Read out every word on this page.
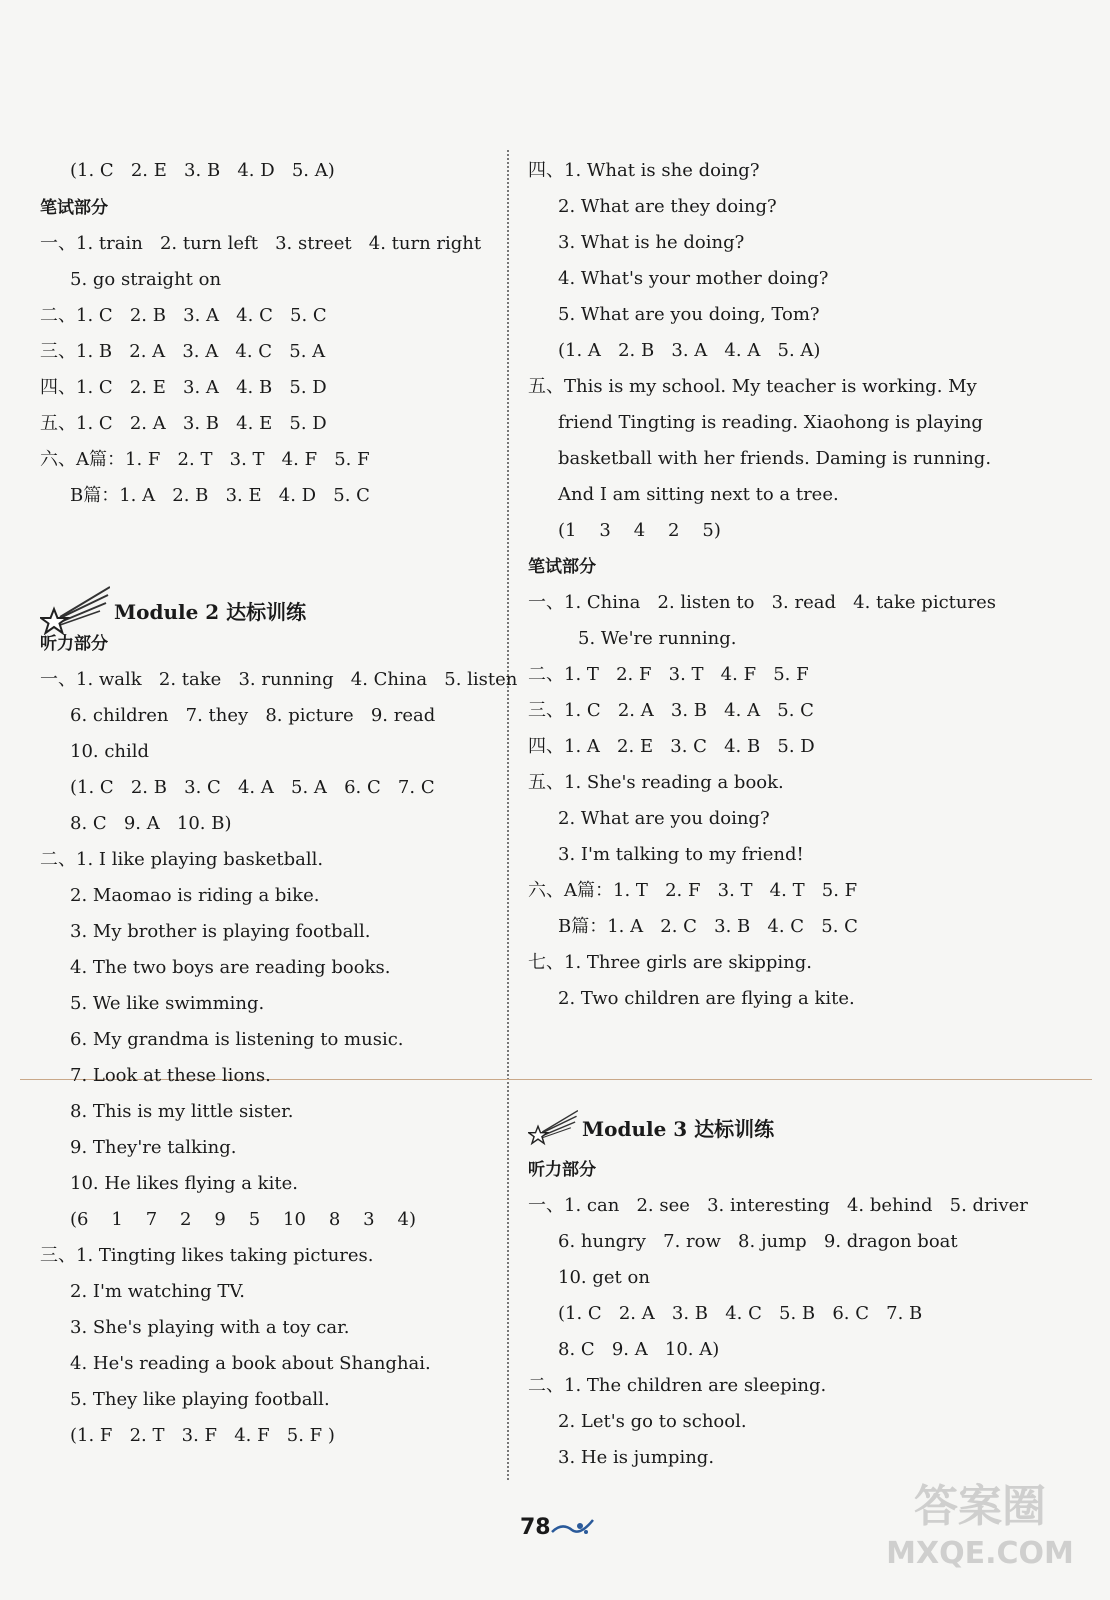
(1. C   2. E   3. B   4. D   5. A)
笔试部分
一、1. train   2. turn left   3. street   4. turn right
5. go straight on
二、1. C   2. B   3. A   4. C   5. C
三、1. B   2. A   3. A   4. C   5. A
四、1. C   2. E   3. A   4. B   5. D
五、1. C   2. A   3. B   4. E   5. D
六、A篇：1. F   2. T   3. T   4. F   5. F
B篇：1. A   2. B   3. E   4. D   5. C
Module 2 达标训练
听力部分
一、1. walk   2. take   3. running   4. China   5. listen
6. children   7. they   8. picture   9. read
10. child
(1. C   2. B   3. C   4. A   5. A   6. C   7. C
8. C   9. A   10. B)
二、1. I like playing basketball.
2. Maomao is riding a bike.
3. My brother is playing football.
4. The two boys are reading books.
5. We like swimming.
6. My grandma is listening to music.
7. Look at these lions.
8. This is my little sister.
9. They're talking.
10. He likes flying a kite.
(6    1    7    2    9    5    10    8    3    4)
三、1. Tingting likes taking pictures.
2. I'm watching TV.
3. She's playing with a toy car.
4. He's reading a book about Shanghai.
5. They like playing football.
(1. F   2. T   3. F   4. F   5. F )
四、1. What is she doing?
2. What are they doing?
3. What is he doing?
4. What's your mother doing?
5. What are you doing, Tom?
(1. A   2. B   3. A   4. A   5. A)
五、This is my school. My teacher is working. My
friend Tingting is reading. Xiaohong is playing
basketball with her friends. Daming is running.
And I am sitting next to a tree.
(1    3    4    2    5)
笔试部分
一、1. China   2. listen to   3. read   4. take pictures
5. We're running.
二、1. T   2. F   3. T   4. F   5. F
三、1. C   2. A   3. B   4. A   5. C
四、1. A   2. E   3. C   4. B   5. D
五、1. She's reading a book.
2. What are you doing?
3. I'm talking to my friend!
六、A篇：1. T   2. F   3. T   4. T   5. F
B篇：1. A   2. C   3. B   4. C   5. C
七、1. Three girls are skipping.
2. Two children are flying a kite.
Module 3 达标训练
听力部分
一、1. can   2. see   3. interesting   4. behind   5. driver
6. hungry   7. row   8. jump   9. dragon boat
10. get on
(1. C   2. A   3. B   4. C   5. B   6. C   7. B
8. C   9. A   10. A)
二、1. The children are sleeping.
2. Let's go to school.
3. He is jumping.
78	答案圈
MXQE.COM
